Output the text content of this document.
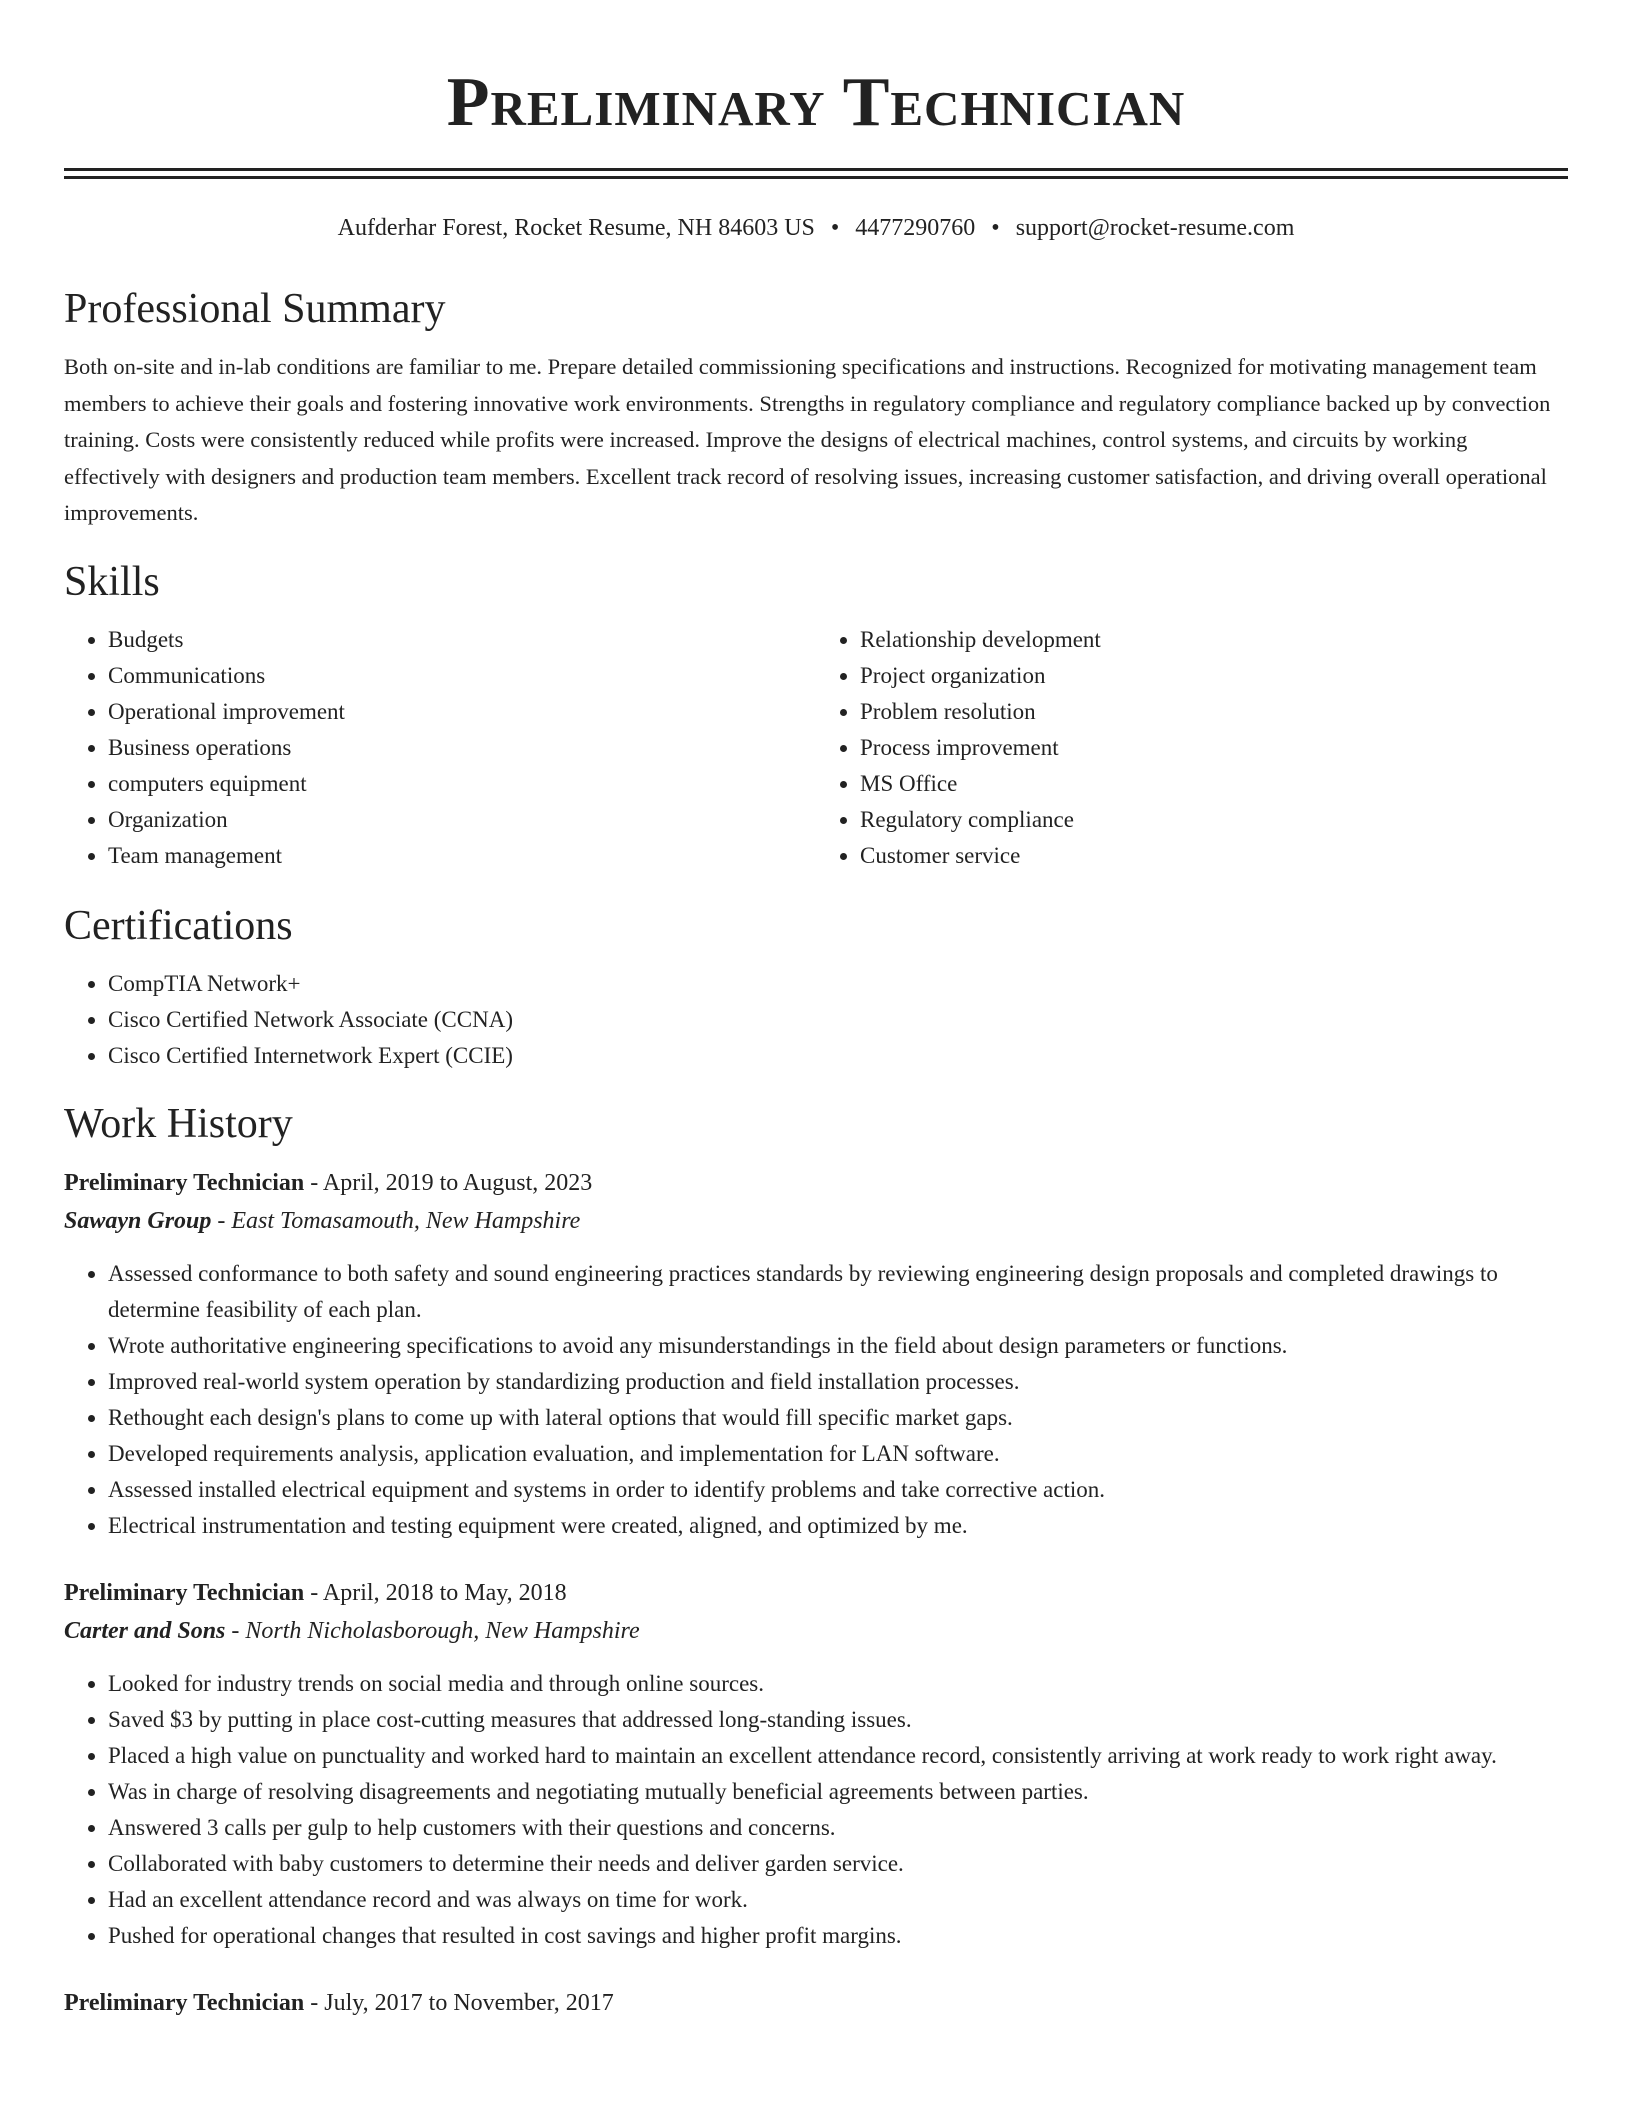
Preliminary Technician
Aufderhar Forest, Rocket Resume, NH 84603 US • 4477290760 • support@rocket-resume.com
Professional Summary

Both on-site and in-lab conditions are familiar to me. Prepare detailed commissioning specifications and instructions. Recognized for motivating management team members to achieve their goals and fostering innovative work environments. Strengths in regulatory compliance and regulatory compliance backed up by convection training. Costs were consistently reduced while profits were increased. Improve the designs of electrical machines, control systems, and circuits by working effectively with designers and production team members. Excellent track record of resolving issues, increasing customer satisfaction, and driving overall operational improvements.

Skills
• Budgets
• Communications
• Operational improvement
• Business operations
• computers equipment
• Organization
• Team management
• Relationship development
• Project organization
• Problem resolution
• Process improvement
• MS Office
• Regulatory compliance
• Customer service
Certifications
• CompTIA Network+
• Cisco Certified Network Associate (CCNA)
• Cisco Certified Internetwork Expert (CCIE)
Work History
Preliminary Technician - April, 2019 to August, 2023
Sawayn Group - East Tomasamouth, New Hampshire
• Assessed conformance to both safety and sound engineering practices standards by reviewing engineering design proposals and completed drawings to determine feasibility of each plan.
• Wrote authoritative engineering specifications to avoid any misunderstandings in the field about design parameters or functions.
• Improved real-world system operation by standardizing production and field installation processes.
• Rethought each design's plans to come up with lateral options that would fill specific market gaps.
• Developed requirements analysis, application evaluation, and implementation for LAN software.
• Assessed installed electrical equipment and systems in order to identify problems and take corrective action.
• Electrical instrumentation and testing equipment were created, aligned, and optimized by me.
Preliminary Technician - April, 2018 to May, 2018
Carter and Sons - North Nicholasborough, New Hampshire
• Looked for industry trends on social media and through online sources.
• Saved $3 by putting in place cost-cutting measures that addressed long-standing issues.
• Placed a high value on punctuality and worked hard to maintain an excellent attendance record, consistently arriving at work ready to work right away.
• Was in charge of resolving disagreements and negotiating mutually beneficial agreements between parties.
• Answered 3 calls per gulp to help customers with their questions and concerns.
• Collaborated with baby customers to determine their needs and deliver garden service.
• Had an excellent attendance record and was always on time for work.
• Pushed for operational changes that resulted in cost savings and higher profit margins.
Preliminary Technician - July, 2017 to November, 2017
